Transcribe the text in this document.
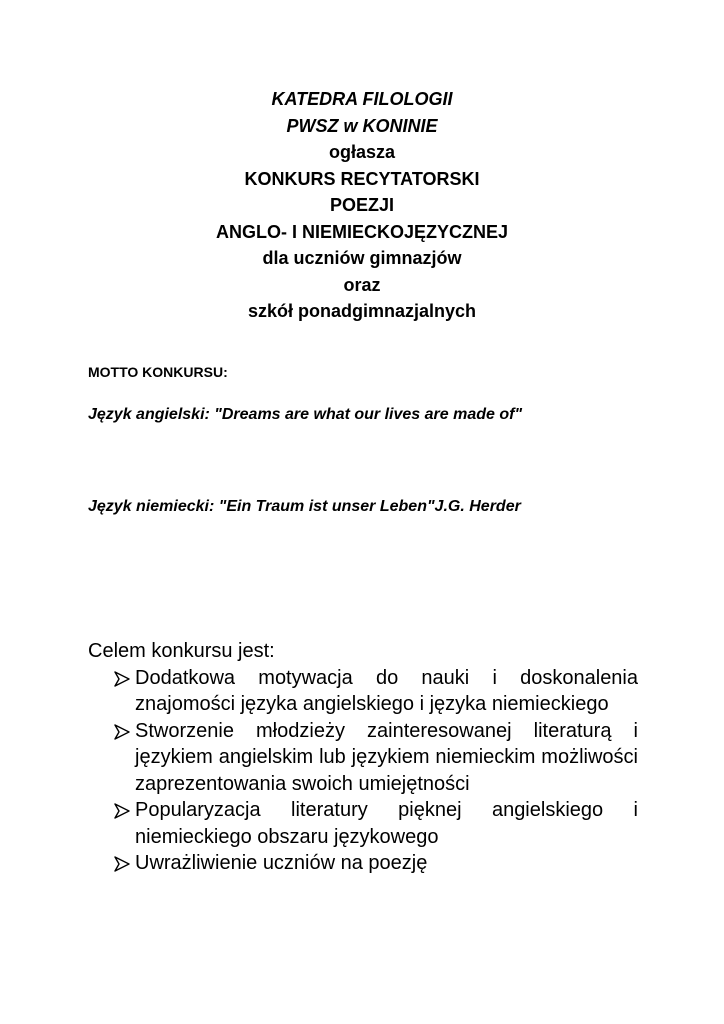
KATEDRA FILOLOGII
PWSZ w KONINIE
ogłasza
KONKURS RECYTATORSKI
POEZJI
ANGLO- I NIEMIECKOJĘZYCZNEJ
dla uczniów gimnazjów
oraz
szkół ponadgimnazjalnych
MOTTO KONKURSU:
Język angielski: "Dreams are what our lives are made of"
Język niemiecki: "Ein Traum ist unser Leben"J.G. Herder
Celem konkursu jest:
Dodatkowa motywacja do nauki i doskonalenia znajomości języka angielskiego i języka niemieckiego
Stworzenie młodzieży zainteresowanej literaturą i językiem angielskim lub językiem niemieckim możliwości zaprezentowania swoich umiejętności
Popularyzacja literatury pięknej angielskiego i niemieckiego obszaru językowego
Uwrażliwienie uczniów na poezję
